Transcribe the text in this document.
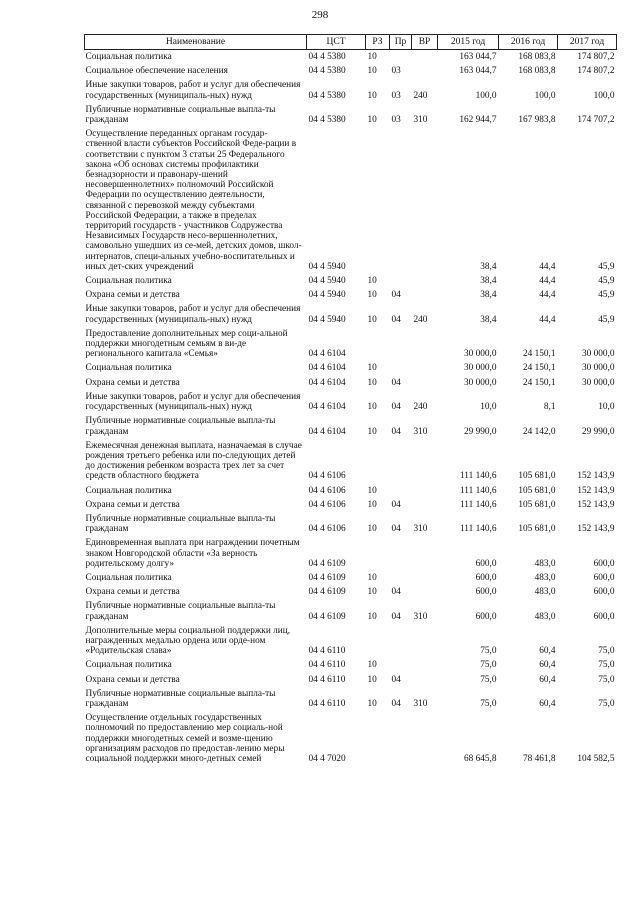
298
Наименование	ЦСТ	РЗ	Пр	ВР	2015 год	2016 год	2017 год
Социальная политика	04 4 5380	10			163 044,7	168 083,8	174 807,2
Социальное обеспечение населения	04 4 5380	10	03		163 044,7	168 083,8	174 807,2
Иные закупки товаров, работ и услуг для обеспечения государственных (муниципаль-ных) нужд	04 4 5380	10	03	240	100,0	100,0	100,0
Публичные нормативные социальные выпла-ты гражданам	04 4 5380	10	03	310	162 944,7	167 983,8	174 707,2
Осуществление переданных органам государ-ственной власти субъектов Российской Феде-рации в соответствии с пунктом 3 статьи 25 Федерального закона «Об основах системы профилактики безнадзорности и правонару-шений несовершеннолетних» полномочий Российской Федерации по осуществлению деятельности, связанной с перевозкой между субъектами Российской Федерации, а также в пределах территорий государств - участников Содружества Независимых Государств несо-вершеннолетних, самовольно ушедших из се-мей, детских домов, школ-интернатов, специ-альных учебно-воспитательных и иных дет-ских учреждений	04 4 5940				38,4	44,4	45,9
Социальная политика	04 4 5940	10			38,4	44,4	45,9
Охрана семьи и детства	04 4 5940	10	04		38,4	44,4	45,9
Иные закупки товаров, работ и услуг для обеспечения государственных (муниципаль-ных) нужд	04 4 5940	10	04	240	38,4	44,4	45,9
Предоставление дополнительных мер соци-альной поддержки многодетным семьям в ви-де регионального капитала «Семья»	04 4 6104				30 000,0	24 150,1	30 000,0
Социальная политика	04 4 6104	10			30 000,0	24 150,1	30 000,0
Охрана семьи и детства	04 4 6104	10	04		30 000,0	24 150,1	30 000,0
Иные закупки товаров, работ и услуг для обеспечения государственных (муниципаль-ных) нужд	04 4 6104	10	04	240	10,0	8,1	10,0
Публичные нормативные социальные выпла-ты гражданам	04 4 6104	10	04	310	29 990,0	24 142,0	29 990,0
Ежемесячная денежная выплата, назначаемая в случае рождения третьего ребенка или по-следующих детей до достижения ребенком возраста трех лет за счет средств областного бюджета	04 4 6106				111 140,6	105 681,0	152 143,9
Социальная политика	04 4 6106	10			111 140,6	105 681,0	152 143,9
Охрана семьи и детства	04 4 6106	10	04		111 140,6	105 681,0	152 143,9
Публичные нормативные социальные выпла-ты гражданам	04 4 6106	10	04	310	111 140,6	105 681,0	152 143,9
Единовременная выплата при награждении почетным знаком Новгородской области «За верность родительскому долгу»	04 4 6109				600,0	483,0	600,0
Социальная политика	04 4 6109	10			600,0	483,0	600,0
Охрана семьи и детства	04 4 6109	10	04		600,0	483,0	600,0
Публичные нормативные социальные выпла-ты гражданам	04 4 6109	10	04	310	600,0	483,0	600,0
Дополнительные меры социальной поддержки лиц, награжденных медалью ордена или орде-ном «Родительская слава»	04 4 6110				75,0	60,4	75,0
Социальная политика	04 4 6110	10			75,0	60,4	75,0
Охрана семьи и детства	04 4 6110	10	04		75,0	60,4	75,0
Публичные нормативные социальные выпла-ты гражданам	04 4 6110	10	04	310	75,0	60,4	75,0
Осуществление отдельных государственных полномочий по предоставлению мер социаль-ной поддержки многодетных семей и возме-щению организациям расходов по предостав-лению меры социальной поддержки много-детных семей	04 4 7020				68 645,8	78 461,8	104 582,5
